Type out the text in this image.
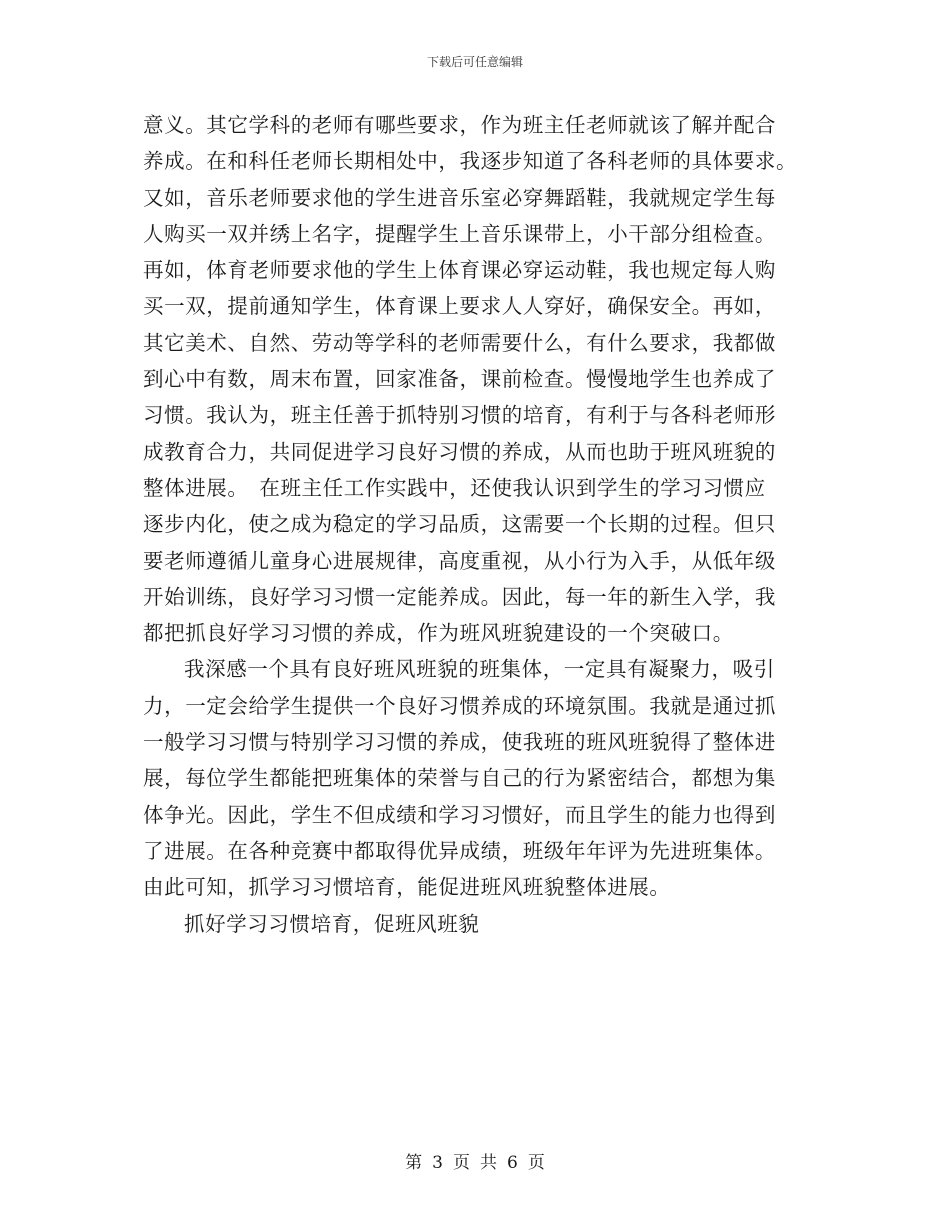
下载后可任意编辑
意义。其它学科的老师有哪些要求，作为班主任老师就该了解并配合
养成。在和科任老师长期相处中，我逐步知道了各科老师的具体要求。
又如，音乐老师要求他的学生进音乐室必穿舞蹈鞋，我就规定学生每
人购买一双并绣上名字，提醒学生上音乐课带上，小干部分组检查。
再如，体育老师要求他的学生上体育课必穿运动鞋，我也规定每人购
买一双，提前通知学生，体育课上要求人人穿好，确保安全。再如，
其它美术、自然、劳动等学科的老师需要什么，有什么要求，我都做
到心中有数，周末布置，回家准备，课前检查。慢慢地学生也养成了
习惯。我认为，班主任善于抓特别习惯的培育，有利于与各科老师形
成教育合力，共同促进学习良好习惯的养成，从而也助于班风班貌的
整体进展。　在班主任工作实践中，还使我认识到学生的学习习惯应
逐步内化，使之成为稳定的学习品质，这需要一个长期的过程。但只
要老师遵循儿童身心进展规律，高度重视，从小行为入手，从低年级
开始训练，良好学习习惯一定能养成。因此，每一年的新生入学，我
都把抓良好学习习惯的养成，作为班风班貌建设的一个突破口。
我深感一个具有良好班风班貌的班集体，一定具有凝聚力，吸引
力，一定会给学生提供一个良好习惯养成的环境氛围。我就是通过抓
一般学习习惯与特别学习习惯的养成，使我班的班风班貌得了整体进
展，每位学生都能把班集体的荣誉与自己的行为紧密结合，都想为集
体争光。因此，学生不但成绩和学习习惯好，而且学生的能力也得到
了进展。在各种竞赛中都取得优异成绩，班级年年评为先进班集体。
由此可知，抓学习习惯培育，能促进班风班貌整体进展。
抓好学习习惯培育，促班风班貌
第 3 页 共 6 页
